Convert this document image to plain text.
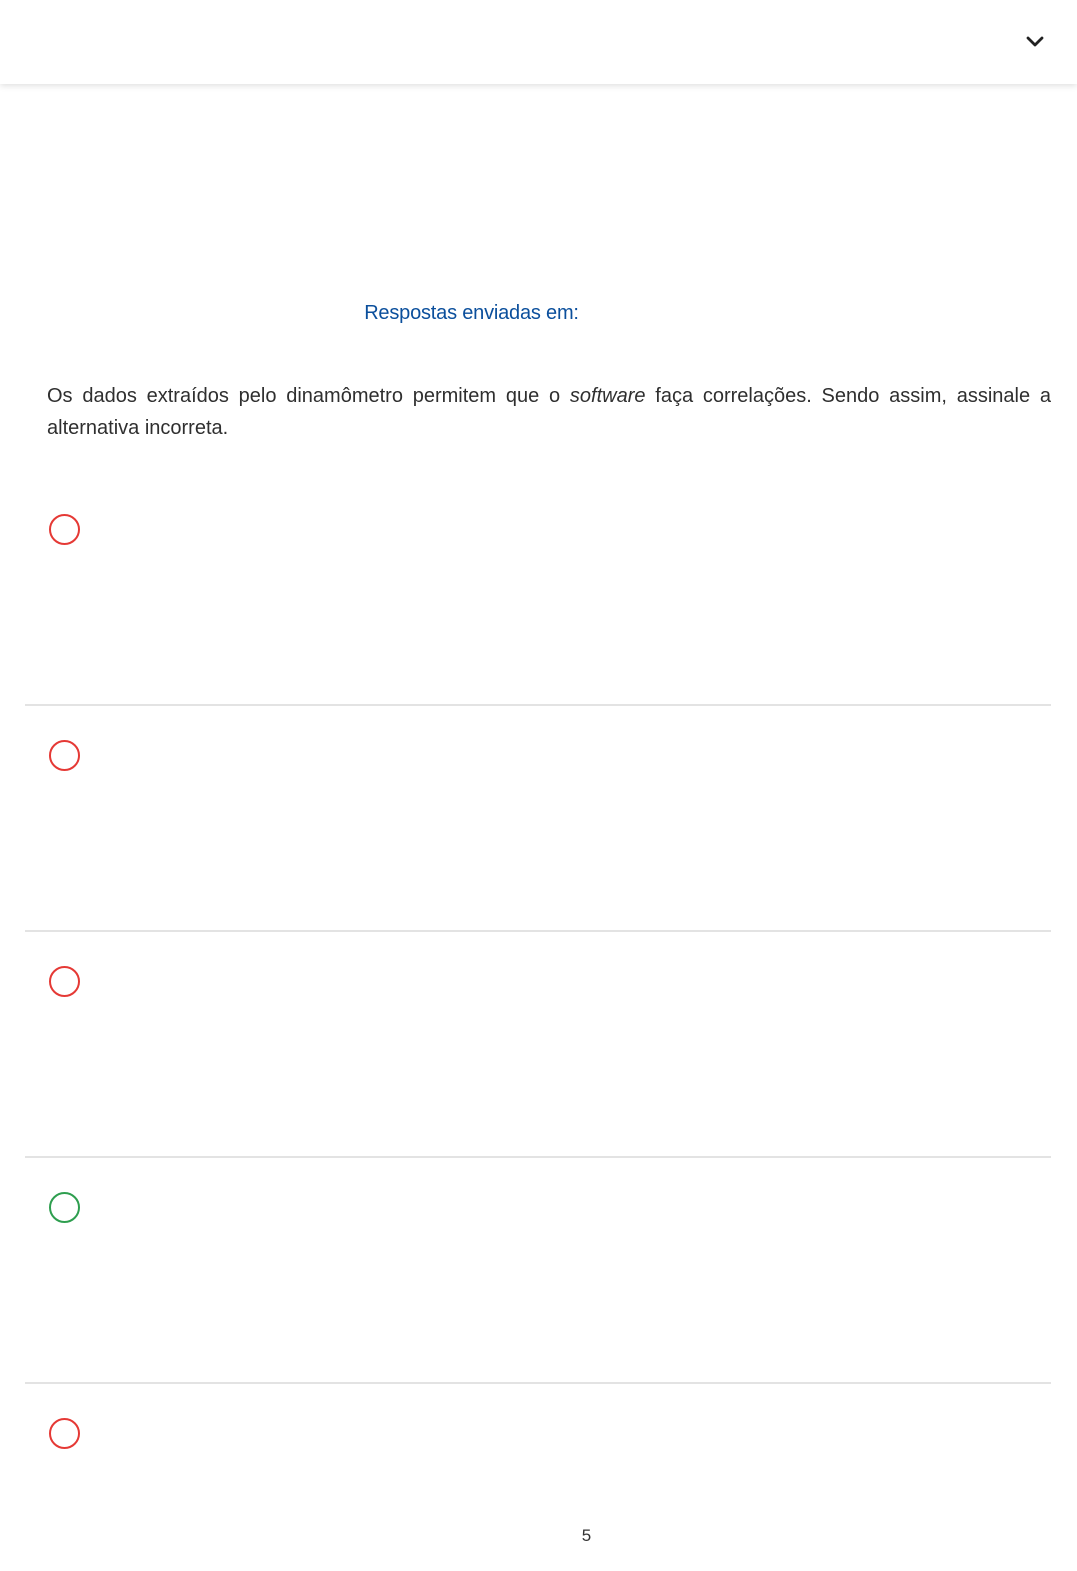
Respostas enviadas em:

Os dados extraídos pelo dinamômetro permitem que o software faça correlações. Sendo assim, assinale a alternativa incorreta.

5
